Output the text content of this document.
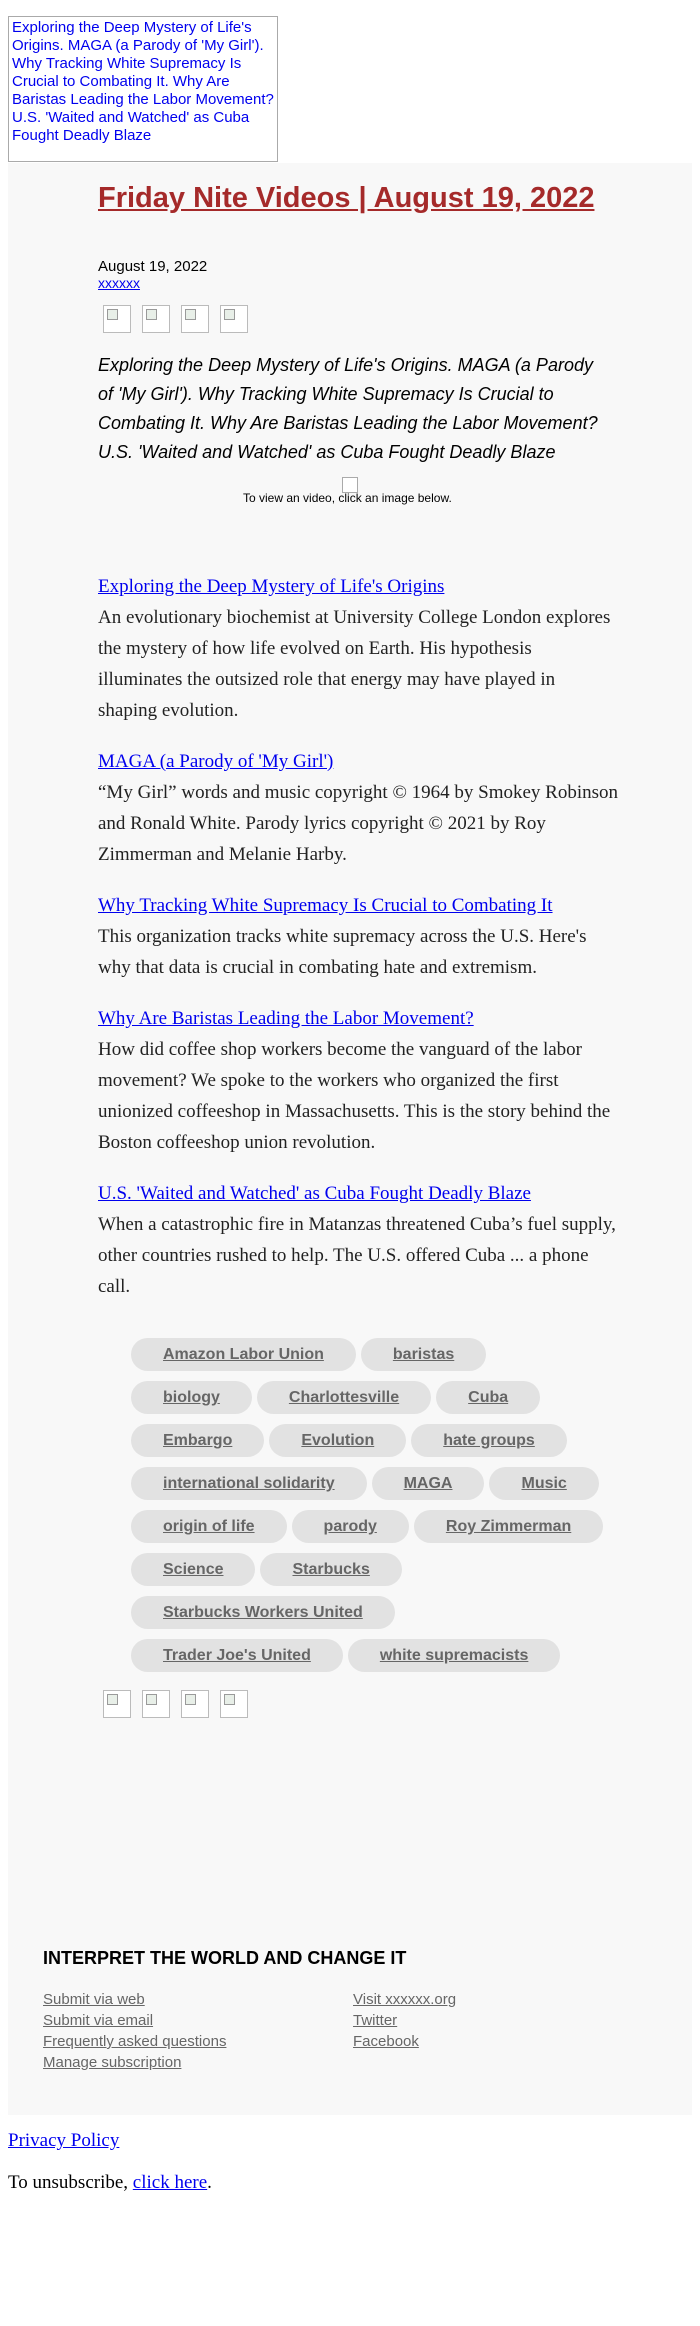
Exploring the Deep Mystery of Life's Origins. MAGA (a Parody of 'My Girl'). Why Tracking White Supremacy Is Crucial to Combating It. Why Are Baristas Leading the Labor Movement? U.S. 'Waited and Watched' as Cuba Fought Deadly Blaze
Friday Nite Videos | August 19, 2022
August 19, 2022
xxxxxx
Exploring the Deep Mystery of Life's Origins. MAGA (a Parody of 'My Girl'). Why Tracking White Supremacy Is Crucial to Combating It. Why Are Baristas Leading the Labor Movement? U.S. 'Waited and Watched' as Cuba Fought Deadly Blaze
To view an video, click an image below.
Exploring the Deep Mystery of Life's Origins

An evolutionary biochemist at University College London explores the mystery of how life evolved on Earth. His hypothesis illuminates the outsized role that energy may have played in shaping evolution.

MAGA (a Parody of 'My Girl')

“My Girl” words and music copyright © 1964 by Smokey Robinson and Ronald White. Parody lyrics copyright © 2021 by Roy Zimmerman and Melanie Harby.

Why Tracking White Supremacy Is Crucial to Combating It

This organization tracks white supremacy across the U.S. Here's why that data is crucial in combating hate and extremism.

Why Are Baristas Leading the Labor Movement?

How did coffee shop workers become the vanguard of the labor movement? We spoke to the workers who organized the first unionized coffeeshop in Massachusetts. This is the story behind the Boston coffeeshop union revolution.

U.S. 'Waited and Watched' as Cuba Fought Deadly Blaze

When a catastrophic fire in Matanzas threatened Cuba’s fuel supply, other countries rushed to help. The U.S. offered Cuba ... a phone call.

Amazon Labor Union	baristas
biology	Charlottesville	Cuba
Embargo	Evolution	hate groups
international solidarity	MAGA	Music
origin of life	parody	Roy Zimmerman
Science	Starbucks
Starbucks Workers United
Trader Joe's United	white supremacists
INTERPRET THE WORLD AND CHANGE IT
Submit via web
Submit via email
Frequently asked questions
Manage subscription
Visit xxxxxx.org
Twitter
Facebook
Privacy Policy
To unsubscribe, click here.
